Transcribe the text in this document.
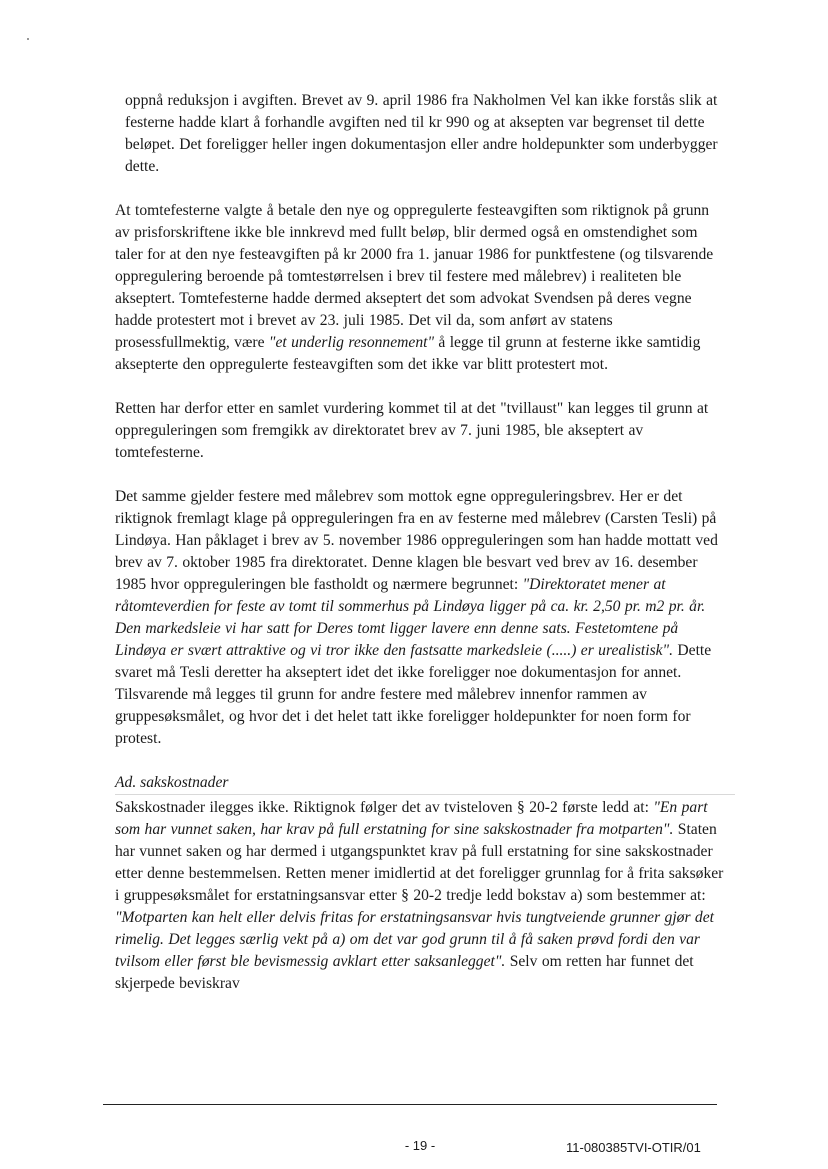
oppnå reduksjon i avgiften. Brevet av 9. april 1986 fra Nakholmen Vel kan ikke forstås slik at festerne hadde klart å forhandle avgiften ned til kr 990 og at aksepten var begrenset til dette beløpet. Det foreligger heller ingen dokumentasjon eller andre holdepunkter som underbygger dette.

At tomtefesterne valgte å betale den nye og oppregulerte festeavgiften som riktignok på grunn av prisforskriftene ikke ble innkrevd med fullt beløp, blir dermed også en omstendighet som taler for at den nye festeavgiften på kr 2000 fra 1. januar 1986 for punktfestene (og tilsvarende oppregulering beroende på tomtestørrelsen i brev til festere med målebrev) i realiteten ble akseptert. Tomtefesterne hadde dermed akseptert det som advokat Svendsen på deres vegne hadde protestert mot i brevet av 23. juli 1985. Det vil da, som anført av statens prosessfullmektig, være "et underlig resonnement" å legge til grunn at festerne ikke samtidig aksepterte den oppregulerte festeavgiften som det ikke var blitt protestert mot.

Retten har derfor etter en samlet vurdering kommet til at det "tvillaust" kan legges til grunn at oppreguleringen som fremgikk av direktoratet brev av 7. juni 1985, ble akseptert av tomtefesterne.

Det samme gjelder festere med målebrev som mottok egne oppreguleringsbrev. Her er det riktignok fremlagt klage på oppreguleringen fra en av festerne med målebrev (Carsten Tesli) på Lindøya. Han påklaget i brev av 5. november 1986 oppreguleringen som han hadde mottatt ved brev av 7. oktober 1985 fra direktoratet. Denne klagen ble besvart ved brev av 16. desember 1985 hvor oppreguleringen ble fastholdt og nærmere begrunnet: "Direktoratet mener at råtomteverdien for feste av tomt til sommerhus på Lindøya ligger på ca. kr. 2,50 pr. m2 pr. år. Den markedsleie vi har satt for Deres tomt ligger lavere enn denne sats. Festetomtene på Lindøya er svært attraktive og vi tror ikke den fastsatte markedsleie (.....) er urealistisk". Dette svaret må Tesli deretter ha akseptert idet det ikke foreligger noe dokumentasjon for annet. Tilsvarende må legges til grunn for andre festere med målebrev innenfor rammen av gruppesøksmålet, og hvor det i det helet tatt ikke foreligger holdepunkter for noen form for protest.

Ad. sakskostnader

Sakskostnader ilegges ikke. Riktignok følger det av tvisteloven § 20-2 første ledd at: "En part som har vunnet saken, har krav på full erstatning for sine sakskostnader fra motparten". Staten har vunnet saken og har dermed i utgangspunktet krav på full erstatning for sine sakskostnader etter denne bestemmelsen. Retten mener imidlertid at det foreligger grunnlag for å frita saksøker i gruppesøksmålet for erstatningsansvar etter § 20-2 tredje ledd bokstav a) som bestemmer at: "Motparten kan helt eller delvis fritas for erstatningsansvar hvis tungtveiende grunner gjør det rimelig. Det legges særlig vekt på a) om det var god grunn til å få saken prøvd fordi den var tvilsom eller først ble bevismessig avklart etter saksanlegget". Selv om retten har funnet det skjerpede beviskrav

- 19 -	11-080385TVI-OTIR/01
